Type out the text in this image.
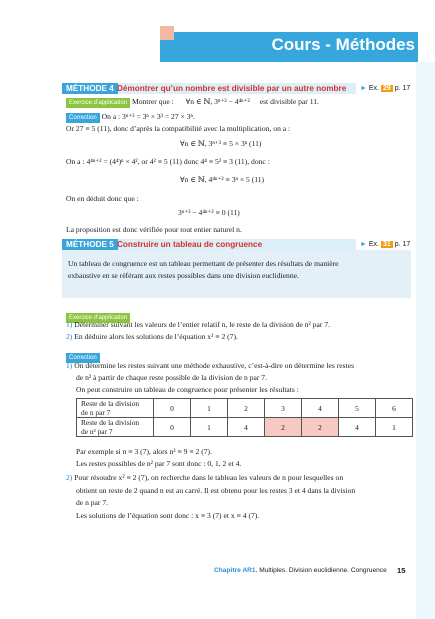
Cours - Méthodes
MÉTHODE 4 Démontrer qu’un nombre est divisible par un autre nombre ► Ex. 29 p. 17
Exercice d’application Montrer que : ∀n ∈ ℕ, 3ⁿ⁺³ − 4⁴ⁿ⁺² est divisible par 11.
Correction On a : 3ⁿ⁺³ = 3ⁿ × 3³ = 27 × 3ⁿ.
Or 27 ≡ 5 (11), donc d’après la compatibilité avec la multiplication, on a :
∀n ∈ ℕ, 3ⁿ⁺³ ≡ 5 × 3ⁿ (11)
On a : 4⁴ⁿ⁺² = (4⁴)ⁿ × 4², or 4² ≡ 5 (11) donc 4⁴ ≡ 5² ≡ 3 (11), donc :
∀n ∈ ℕ, 4⁴ⁿ⁺² ≡ 3ⁿ × 5 (11)
On en déduit donc que :
3ⁿ⁺³ − 4⁴ⁿ⁺² ≡ 0 (11)
La proposition est donc vérifiée pour tout entier naturel n.
MÉTHODE 5 Construire un tableau de congruence	► Ex. 31 p. 17
Un tableau de congruence est un tableau permettant de présenter des résultats de manière
exhaustive en se référant aux restes possibles dans une division euclidienne.
Exercice d’application
1) Déterminer suivant les valeurs de l’entier relatif n, le reste de la division de n² par 7.
2) En déduire alors les solutions de l’équation x² ≡ 2 (7).
Correction
1) On détermine les restes suivant une méthode exhaustive, c’est-à-dire on détermine les restes
de n² à partir de chaque reste possible de la division de n par 7.
On peut construire un tableau de congruence pour présenter les résultats :
Reste de la division
de n par 7	0	1	2	3	4	5	6
Reste de la division
de n² par 7	0	1	4	2	2	4	1
Par exemple si n ≡ 3 (7), alors n² ≡ 9 ≡ 2 (7).
Les restes possibles de n² par 7 sont donc : 0, 1, 2 et 4.
2) Pour résoudre x² ≡ 2 (7), on recherche dans le tableau les valeurs de n pour lesquelles on
obtient un reste de 2 quand n est au carré. Il est obtenu pour les restes 3 et 4 dans la division
de n par 7.
Les solutions de l’équation sont donc : x ≡ 3 (7) et x ≡ 4 (7).
Chapitre AR1. Multiples. Division euclidienne. Congruence 15
